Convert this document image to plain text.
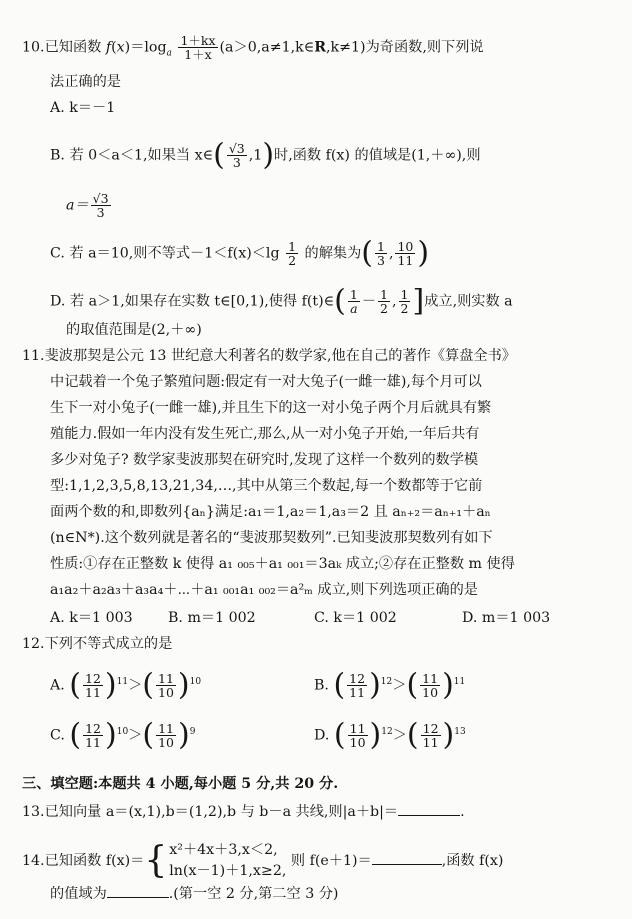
10.已知函数 $f(x)=\log_a \frac{1+kx}{1+x}$ (a＞0,a≠1,k∈R,k≠1)为奇函数,则下列说
法正确的是
A. k＝－1
B. 若 0＜a＜1,如果当 x∈( $\frac{√3}{3} ,1$)时,函数 f(x) 的值域是(1,＋∞),则
$a= \frac{√3}{3}$
C. 若 a＝10,则不等式$-1<f(x)<\lg \frac{1}{2}$ 的解集为( $\frac{1}{3}$ , $\frac{10}{11}$ )
D. 若 a＞1,如果存在实数 t∈[0,1),使得 f(t)∈( $\frac{1}{a} - \frac{1}{2}$ , $\frac{1}{2}$ ]成立,则实数 a
的取值范围是(2,＋∞)
11.斐波那契是公元 13 世纪意大利著名的数学家,他在自己的著作《算盘全书》
中记载着一个兔子繁殖问题:假定有一对大兔子(一雌一雄),每个月可以
生下一对小兔子(一雌一雄),并且生下的这一对小兔子两个月后就具有繁
殖能力.假如一年内没有发生死亡,那么,从一对小兔子开始,一年后共有
多少对兔子? 数学家斐波那契在研究时,发现了这样一个数列的数学模
型:1,1,2,3,5,8,13,21,34,…,其中从第三个数起,每一个数都等于它前
面两个数的和,即数列{aₙ}满足:a₁＝1,a₂＝1,a₃＝2 且 aₙ₊₂＝aₙ₊₁＋aₙ
(n∈N*).这个数列就是著名的“斐波那契数列”.已知斐波那契数列有如下
性质:①存在正整数 k 使得 a₁ ₀₀₅＋a₁ ₀₀₁＝3aₖ 成立;②存在正整数 m 使得
a₁a₂＋a₂a₃＋a₃a₄＋⋯＋a₁ ₀₀₁a₁ ₀₀₂＝a²ₘ 成立,则下列选项正确的是
A. k＝1 003 B. m＝1 002	C. k＝1 002	D. m＝1 003
12.下列不等式成立的是
A. ( $\frac{12}{11} )^{11}>( \frac{11}{10} )^{10}$	B. ( $\frac{12}{11} )^{12}>( \frac{11}{10} )^{11}$
C. ( $\frac{12}{11} )^{10}>( \frac{11}{10} )^9$	D. ( $\frac{11}{10} )^{12}>( \frac{12}{11} )^{13}$
三、填空题:本题共 4 小题,每小题 5 分,共 20 分.
13.已知向量 a＝(x,1),b＝(1,2),b 与 b－a 共线,则|a＋b|＝	.
14.已知函数 f(x)＝{ x²＋4x＋3,x＜2,
ln(x－1)＋1,x≥2,
则 f(e＋1)＝	,函数 f(x)
的值域为	.(第一空 2 分,第二空 3 分)
